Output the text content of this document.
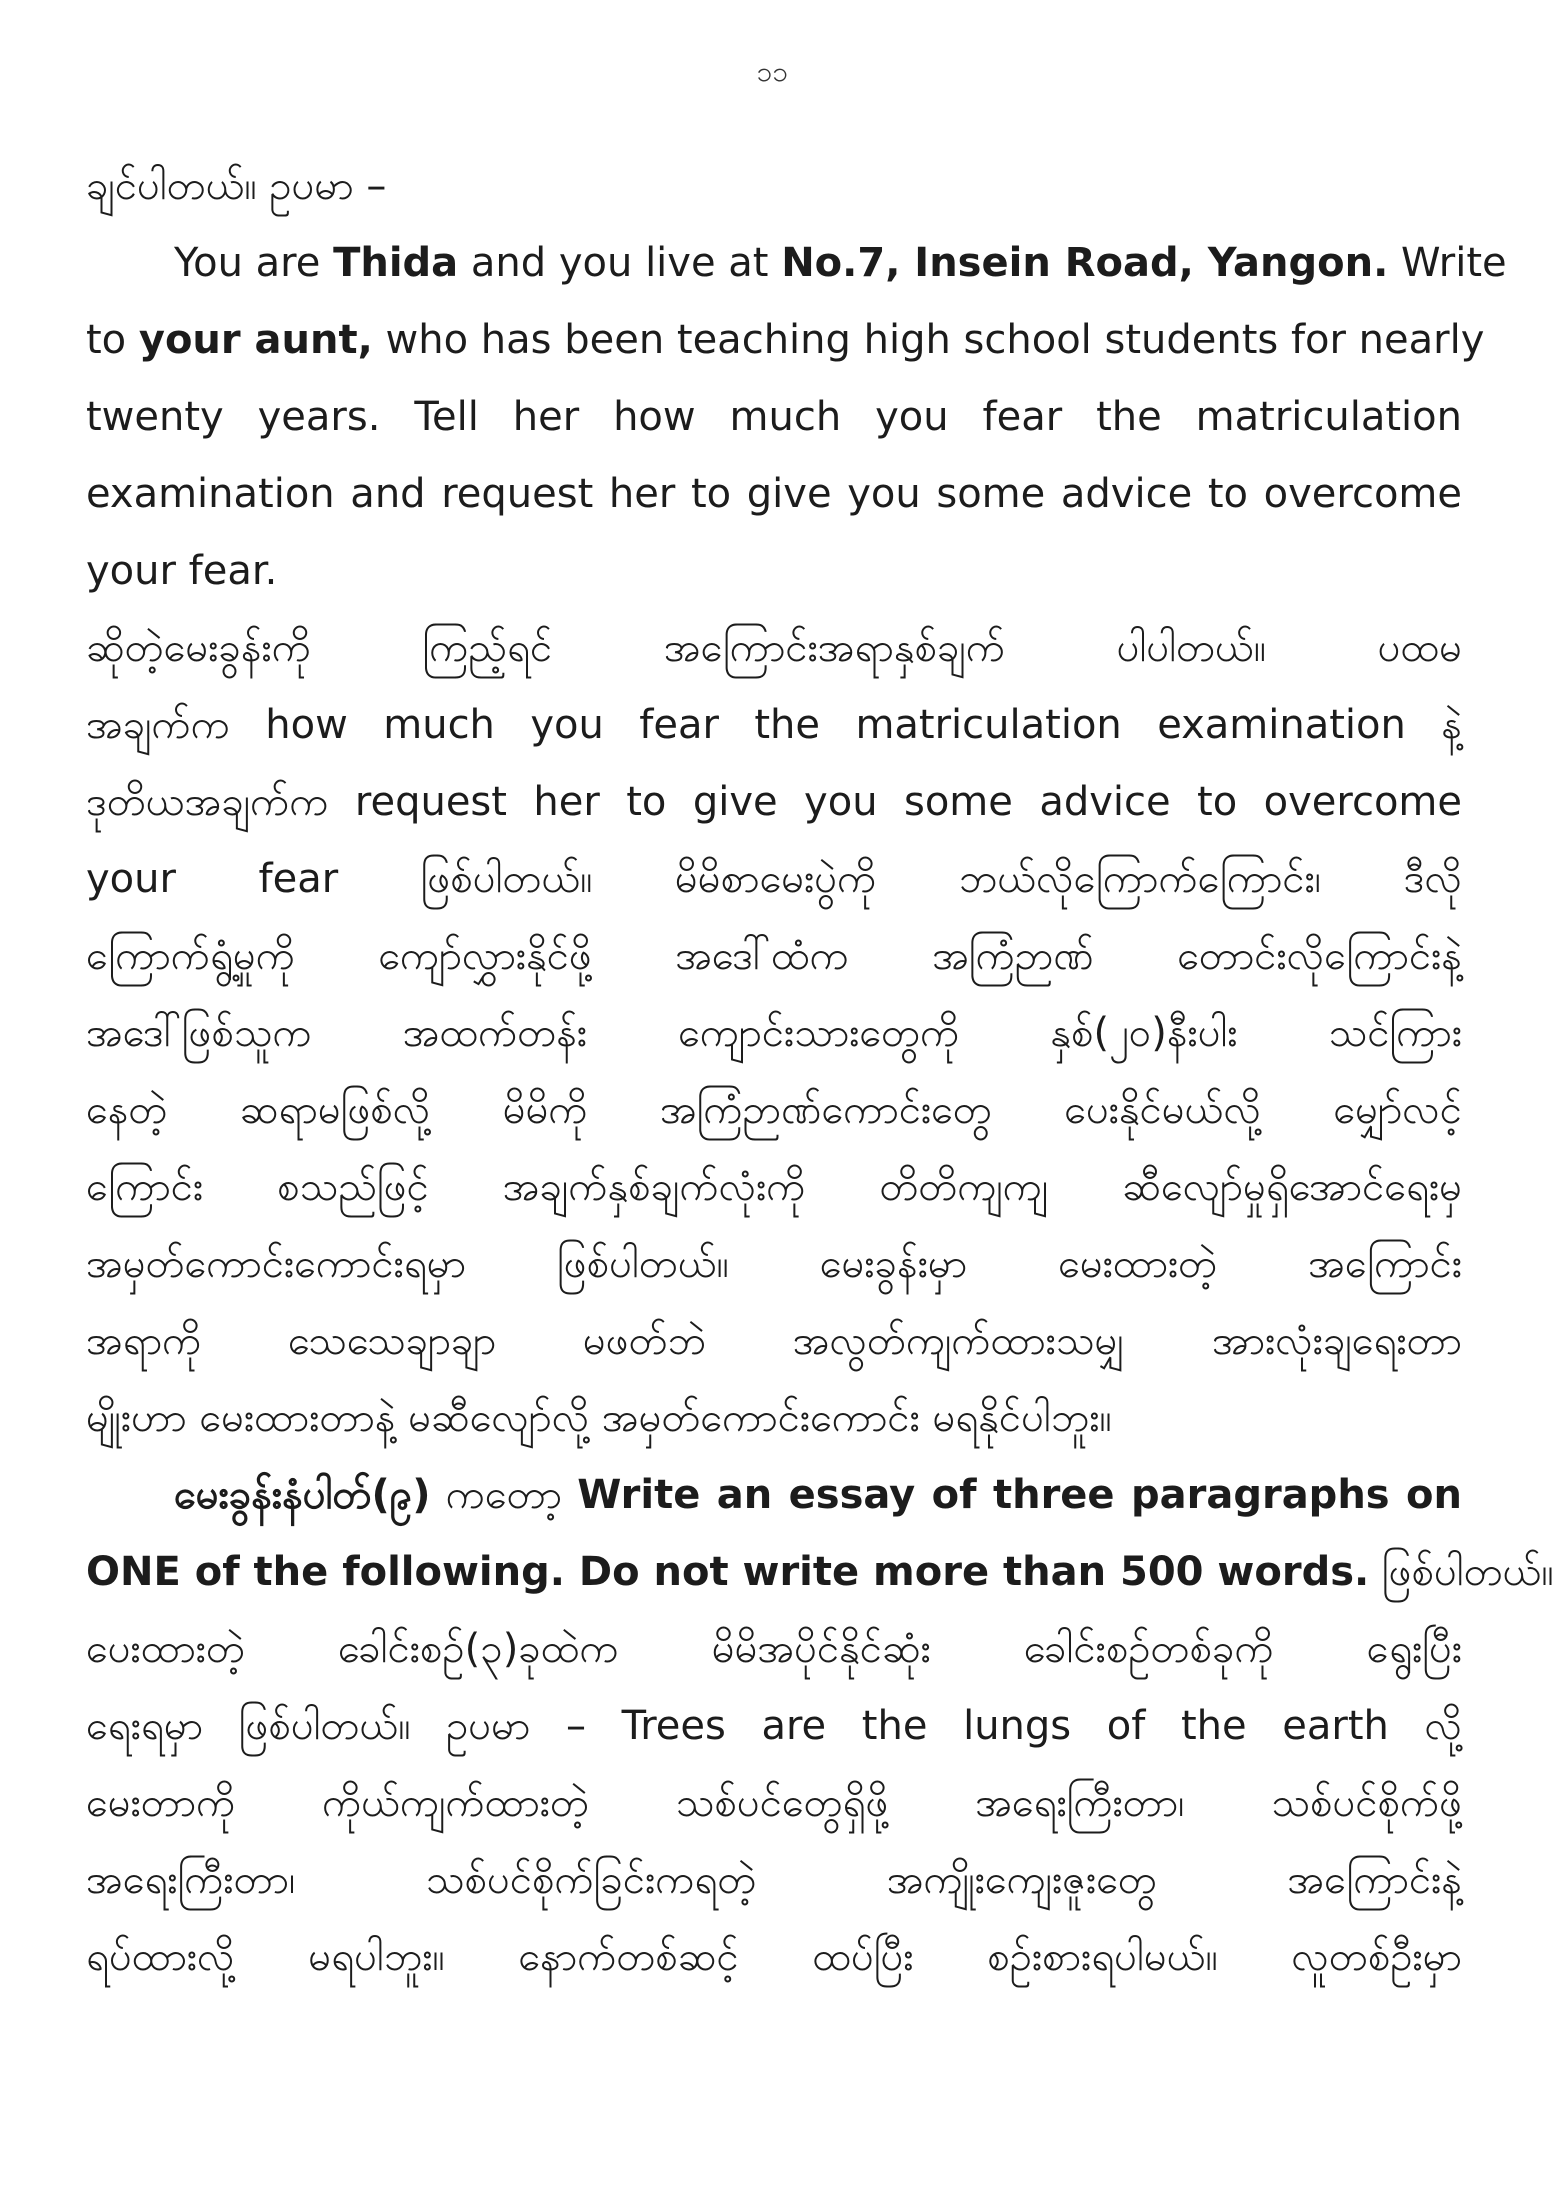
၁၁
ချင်ပါတယ်။ ဥပမာ –
You are Thida and you live at No.7, Insein Road, Yangon. Write
to your aunt, who has been teaching high school students for nearly
twenty years. Tell her how much you fear the matriculation
examination and request her to give you some advice to overcome
your fear.
ဆိုတဲ့မေးခွန်းကို ကြည့်ရင် အကြောင်းအရာနှစ်ချက် ပါပါတယ်။ ပထမ
အချက်က how much you fear the matriculation examination နဲ့
ဒုတိယအချက်က request her to give you some advice to overcome
your fear ဖြစ်ပါတယ်။ မိမိစာမေးပွဲကို ဘယ်လိုကြောက်ကြောင်း၊ ဒီလို
ကြောက်ရွံ့မှုကို ကျော်လွှားနိုင်ဖို့ အဒေါ်ထံက အကြံဉာဏ် တောင်းလိုကြောင်းနဲ့
အဒေါ်ဖြစ်သူက အထက်တန်း ကျောင်းသားတွေကို နှစ်(၂၀)နီးပါး သင်ကြား
နေတဲ့ ဆရာမဖြစ်လို့ မိမိကို အကြံဉာဏ်ကောင်းတွေ ပေးနိုင်မယ်လို့ မျှော်လင့်
ကြောင်း စသည်ဖြင့် အချက်နှစ်ချက်လုံးကို တိတိကျကျ ဆီလျော်မှုရှိအောင်ရေးမှ
အမှတ်ကောင်းကောင်းရမှာ ဖြစ်ပါတယ်။ မေးခွန်းမှာ မေးထားတဲ့ အကြောင်း
အရာကို သေသေချာချာ မဖတ်ဘဲ အလွတ်ကျက်ထားသမျှ အားလုံးချရေးတာ
မျိုးဟာ မေးထားတာနဲ့ မဆီလျော်လို့ အမှတ်ကောင်းကောင်း မရနိုင်ပါဘူး။
မေးခွန်းနံပါတ်(၉) ကတော့ Write an essay of three paragraphs on
ONE of the following. Do not write more than 500 words. ဖြစ်ပါတယ်။
ပေးထားတဲ့ ခေါင်းစဉ်(၃)ခုထဲက မိမိအပိုင်နိုင်ဆုံး ခေါင်းစဉ်တစ်ခုကို ရွေးပြီး
ရေးရမှာ ဖြစ်ပါတယ်။ ဥပမာ – Trees are the lungs of the earth လို့
မေးတာကို ကိုယ်ကျက်ထားတဲ့ သစ်ပင်တွေရှိဖို့ အရေးကြီးတာ၊ သစ်ပင်စိုက်ဖို့
အရေးကြီးတာ၊ သစ်ပင်စိုက်ခြင်းကရတဲ့ အကျိုးကျေးဇူးတွေ အကြောင်းနဲ့
ရပ်ထားလို့ မရပါဘူး။ နောက်တစ်ဆင့် ထပ်ပြီး စဉ်းစားရပါမယ်။ လူတစ်ဦးမှာ
